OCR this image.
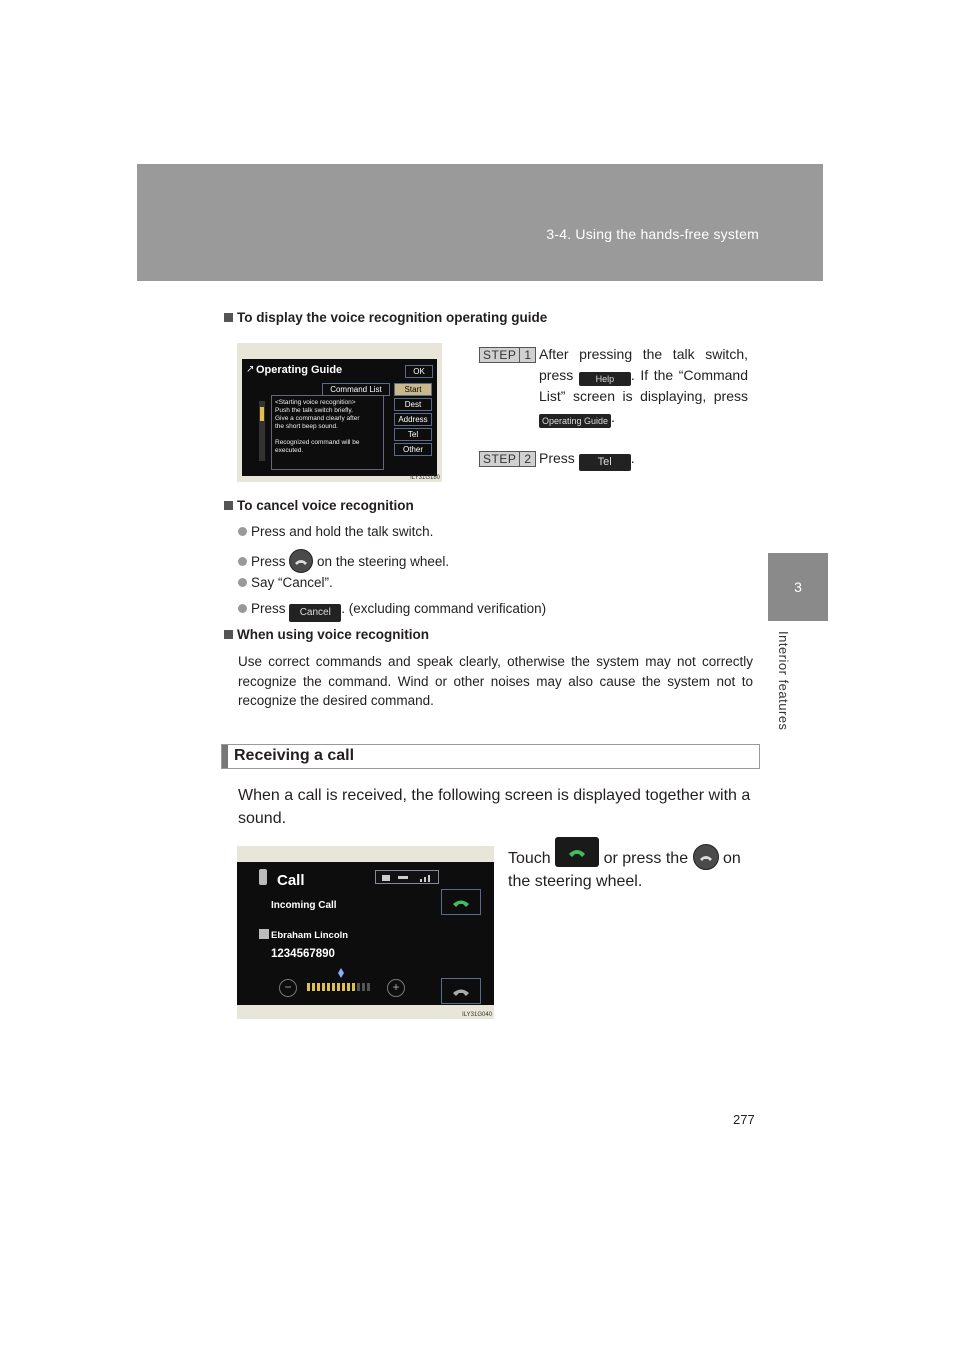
3-4. Using the hands-free system
3
Interior features
To display the voice recognition operating guide
↗ Operating Guide	OK
Command List	Start
Dest
Address
Tel
Other
<Starting voice recognition>
Push the talk switch briefly.
Give a command clearly after
the short beep sound.
Recognized command will be
executed.
ILY31G180
STEP 1 After pressing the talk switch, press Help . If the “Command List” screen is displaying, press Operating Guide .
STEP 2 Press Tel .
To cancel voice recognition
Press and hold the talk switch.
Press on the steering wheel.
Say “Cancel”.
Press Cancel . (excluding command verification)
When using voice recognition
Use correct commands and speak clearly, otherwise the system may not correctly recognize the command. Wind or other noises may also cause the system not to recognize the desired command.
Receiving a call
When a call is received, the following screen is displayed together with a sound.
Touch	or press the on the steering wheel.
Call
Incoming Call
Ebraham Lincoln
1234567890
−	+
ILY31G040
277
